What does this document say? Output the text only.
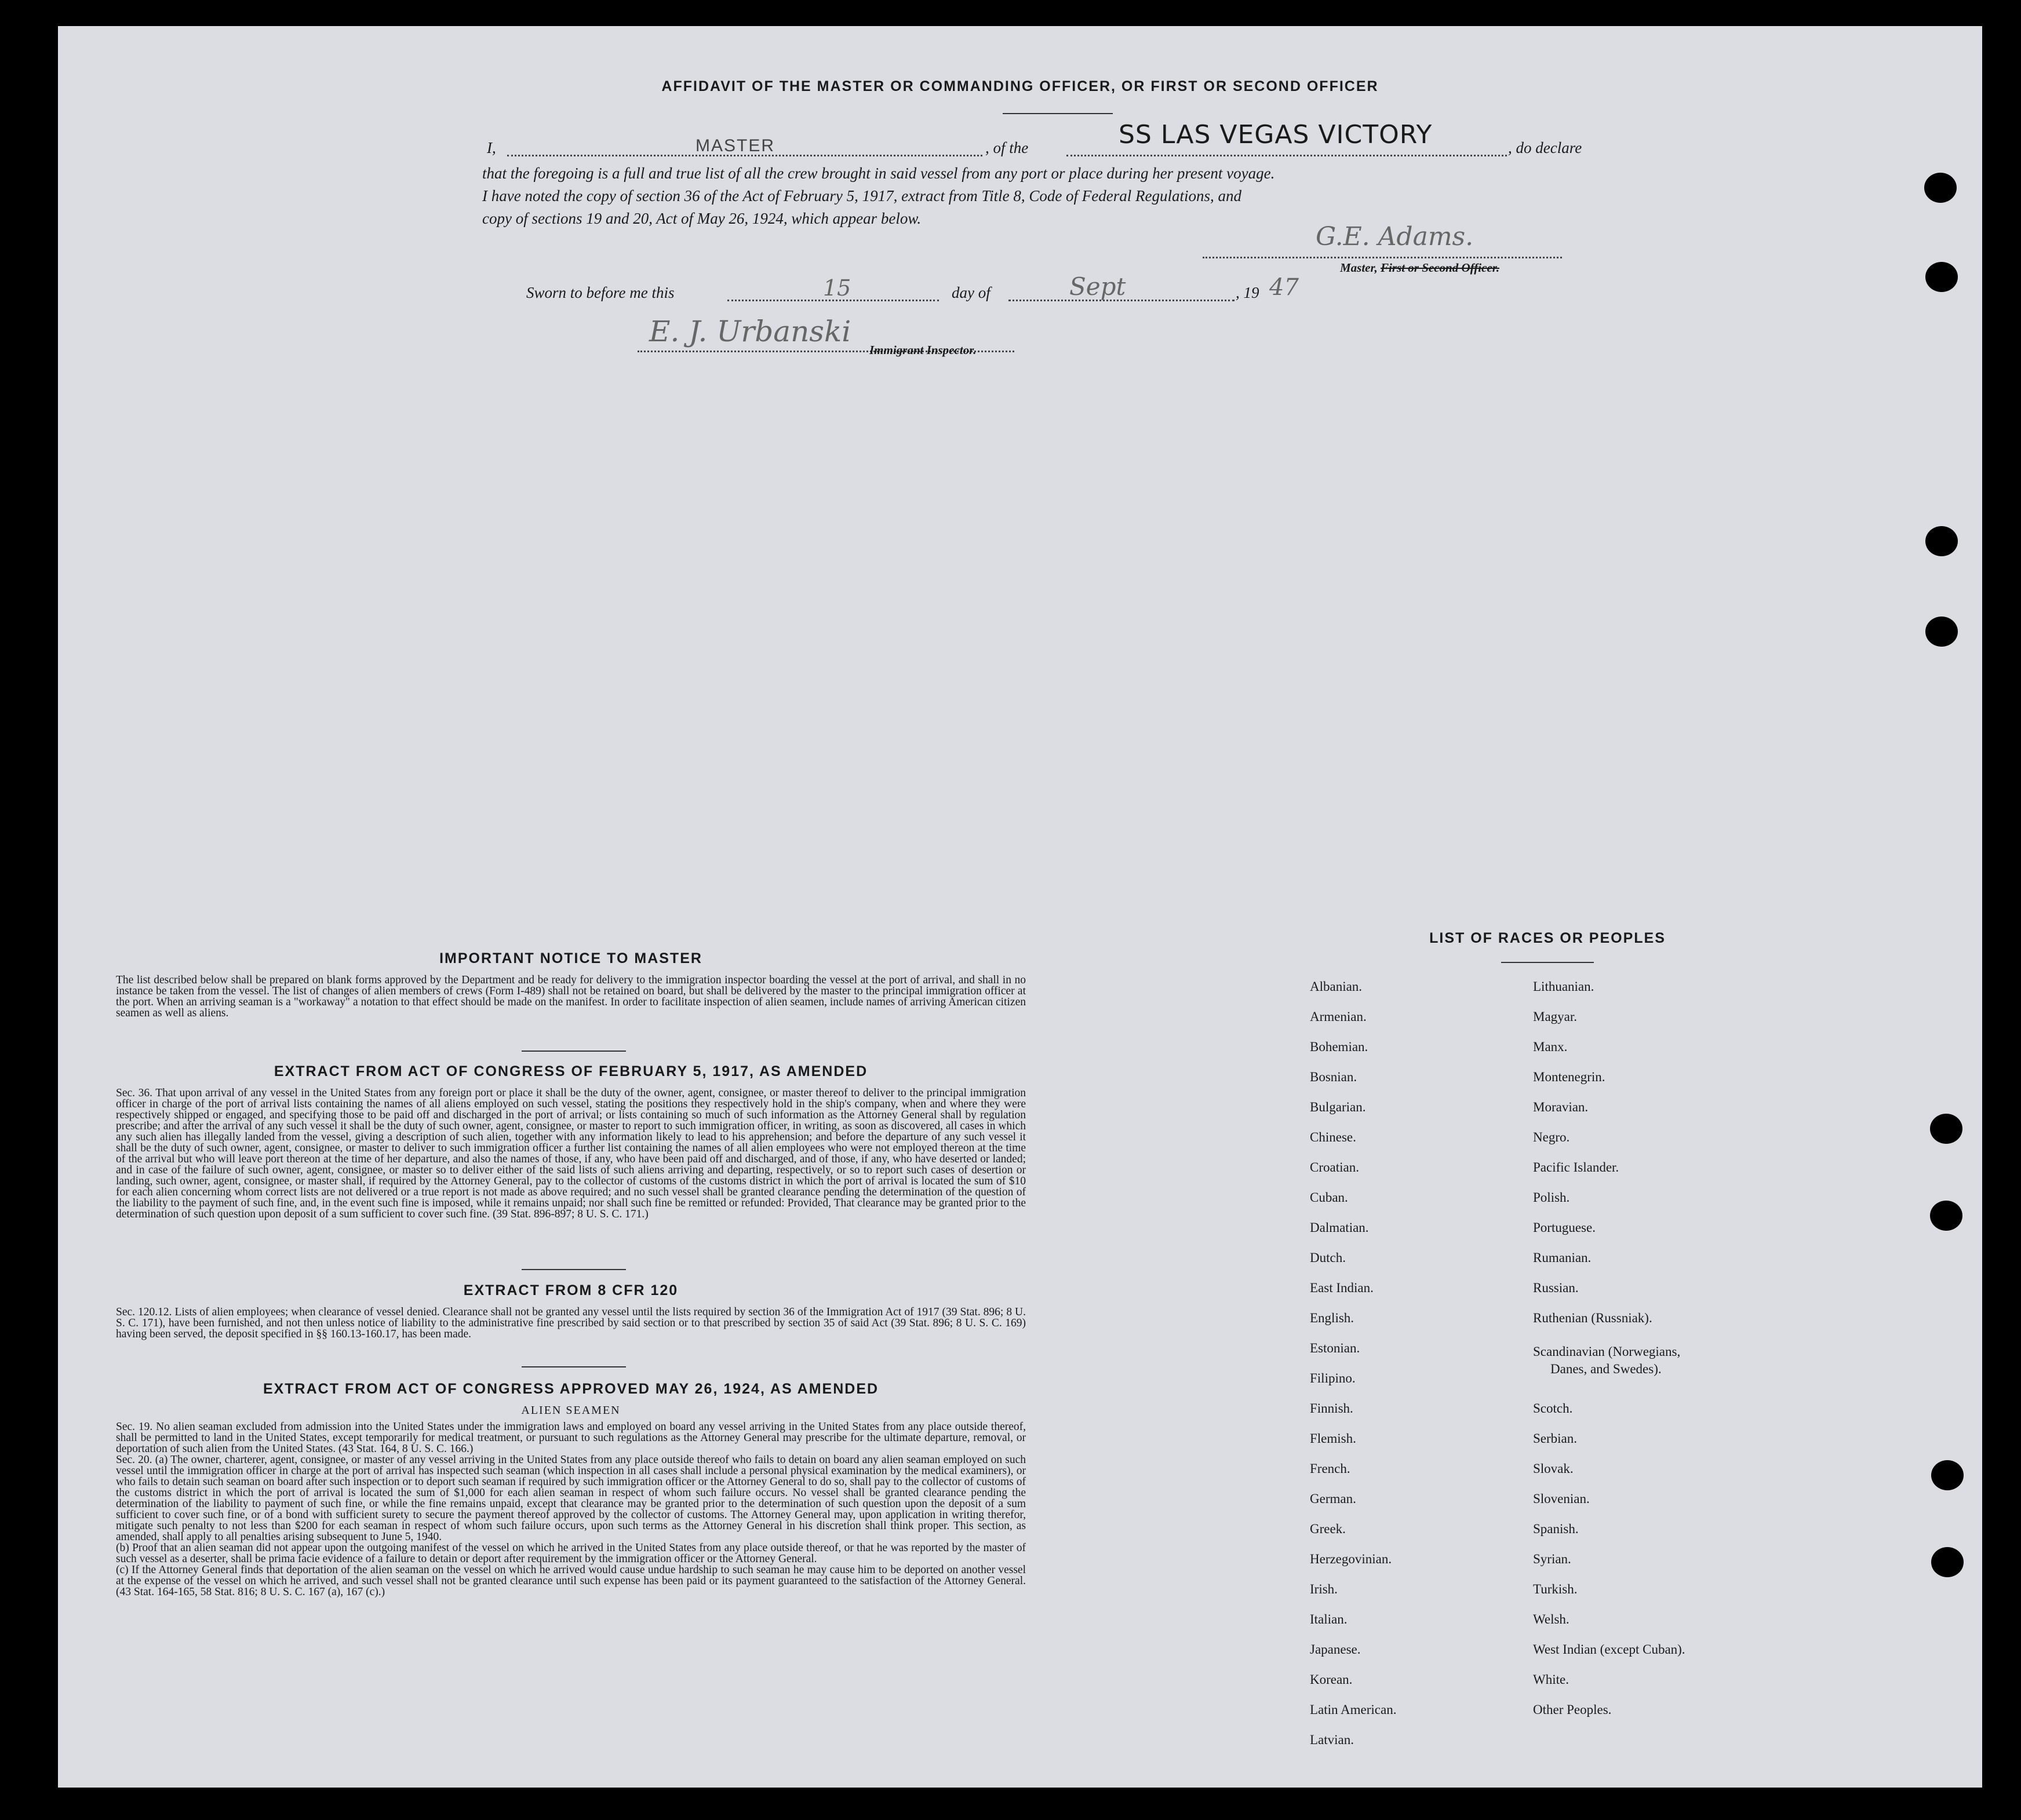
AFFIDAVIT OF THE MASTER OR COMMANDING OFFICER, OR FIRST OR SECOND OFFICER
I,	MASTER	, of the	SS LAS VEGAS VICTORY	, do declare
that the foregoing is a full and true list of all the crew brought in said vessel from any port or place during her present voyage.
I have noted the copy of section 36 of the Act of February 5, 1917, extract from Title 8, Code of Federal Regulations, and
copy of sections 19 and 20, Act of May 26, 1924, which appear below.
G.E. Adams.
Master, First or Second Officer.
Sworn to before me this	15	day of	Sept	, 19 47
E. J. Urbanski
Immigrant Inspector.
IMPORTANT NOTICE TO MASTER
The list described below shall be prepared on blank forms approved by the Department and be ready for delivery to the immigration inspector boarding the vessel at the port of arrival, and shall in no instance be taken from the vessel. The list of changes of alien members of crews (Form I-489) shall not be retained on board, but shall be delivered by the master to the principal immigration officer at the port. When an arriving seaman is a "workaway" a notation to that effect should be made on the manifest. In order to facilitate inspection of alien seamen, include names of arriving American citizen seamen as well as aliens.
EXTRACT FROM ACT OF CONGRESS OF FEBRUARY 5, 1917, AS AMENDED
Sec. 36. That upon arrival of any vessel in the United States from any foreign port or place it shall be the duty of the owner, agent, consignee, or master thereof to deliver to the principal immigration officer in charge of the port of arrival lists containing the names of all aliens employed on such vessel, stating the positions they respectively hold in the ship's company, when and where they were respectively shipped or engaged, and specifying those to be paid off and discharged in the port of arrival; or lists containing so much of such information as the Attorney General shall by regulation prescribe; and after the arrival of any such vessel it shall be the duty of such owner, agent, consignee, or master to report to such immigration officer, in writing, as soon as discovered, all cases in which any such alien has illegally landed from the vessel, giving a description of such alien, together with any information likely to lead to his apprehension; and before the departure of any such vessel it shall be the duty of such owner, agent, consignee, or master to deliver to such immigration officer a further list containing the names of all alien employees who were not employed thereon at the time of the arrival but who will leave port thereon at the time of her departure, and also the names of those, if any, who have been paid off and discharged, and of those, if any, who have deserted or landed; and in case of the failure of such owner, agent, consignee, or master so to deliver either of the said lists of such aliens arriving and departing, respectively, or so to report such cases of desertion or landing, such owner, agent, consignee, or master shall, if required by the Attorney General, pay to the collector of customs of the customs district in which the port of arrival is located the sum of $10 for each alien concerning whom correct lists are not delivered or a true report is not made as above required; and no such vessel shall be granted clearance pending the determination of the question of the liability to the payment of such fine, and, in the event such fine is imposed, while it remains unpaid; nor shall such fine be remitted or refunded: Provided, That clearance may be granted prior to the determination of such question upon deposit of a sum sufficient to cover such fine. (39 Stat. 896-897; 8 U. S. C. 171.)
EXTRACT FROM 8 CFR 120
Sec. 120.12. Lists of alien employees; when clearance of vessel denied. Clearance shall not be granted any vessel until the lists required by section 36 of the Immigration Act of 1917 (39 Stat. 896; 8 U. S. C. 171), have been furnished, and not then unless notice of liability to the administrative fine prescribed by said section or to that prescribed by section 35 of said Act (39 Stat. 896; 8 U. S. C. 169) having been served, the deposit specified in §§ 160.13-160.17, has been made.
EXTRACT FROM ACT OF CONGRESS APPROVED MAY 26, 1924, AS AMENDED
ALIEN SEAMEN

Sec. 19. No alien seaman excluded from admission into the United States under the immigration laws and employed on board any vessel arriving in the United States from any place outside thereof, shall be permitted to land in the United States, except temporarily for medical treatment, or pursuant to such regulations as the Attorney General may prescribe for the ultimate departure, removal, or deportation of such alien from the United States. (43 Stat. 164, 8 U. S. C. 166.)

Sec. 20. (a) The owner, charterer, agent, consignee, or master of any vessel arriving in the United States from any place outside thereof who fails to detain on board any alien seaman employed on such vessel until the immigration officer in charge at the port of arrival has inspected such seaman (which inspection in all cases shall include a personal physical examination by the medical examiners), or who fails to detain such seaman on board after such inspection or to deport such seaman if required by such immigration officer or the Attorney General to do so, shall pay to the collector of customs of the customs district in which the port of arrival is located the sum of $1,000 for each alien seaman in respect of whom such failure occurs. No vessel shall be granted clearance pending the determination of the liability to payment of such fine, or while the fine remains unpaid, except that clearance may be granted prior to the determination of such question upon the deposit of a sum sufficient to cover such fine, or of a bond with sufficient surety to secure the payment thereof approved by the collector of customs. The Attorney General may, upon application in writing therefor, mitigate such penalty to not less than $200 for each seaman in respect of whom such failure occurs, upon such terms as the Attorney General in his discretion shall think proper. This section, as amended, shall apply to all penalties arising subsequent to June 5, 1940.

(b) Proof that an alien seaman did not appear upon the outgoing manifest of the vessel on which he arrived in the United States from any place outside thereof, or that he was reported by the master of such vessel as a deserter, shall be prima facie evidence of a failure to detain or deport after requirement by the immigration officer or the Attorney General.

(c) If the Attorney General finds that deportation of the alien seaman on the vessel on which he arrived would cause undue hardship to such seaman he may cause him to be deported on another vessel at the expense of the vessel on which he arrived, and such vessel shall not be granted clearance until such expense has been paid or its payment guaranteed to the satisfaction of the Attorney General. (43 Stat. 164-165, 58 Stat. 816; 8 U. S. C. 167 (a), 167 (c).)

LIST OF RACES OR PEOPLES
Albanian.
Armenian.
Bohemian.
Bosnian.
Bulgarian.
Chinese.
Croatian.
Cuban.
Dalmatian.
Dutch.
East Indian.
English.
Estonian.
Filipino.
Finnish.
Flemish.
French.
German.
Greek.
Herzegovinian.
Irish.
Italian.
Japanese.
Korean.
Latin American.
Latvian.
Lithuanian.
Magyar.
Manx.
Montenegrin.
Moravian.
Negro.
Pacific Islander.
Polish.
Portuguese.
Rumanian.
Russian.
Ruthenian (Russniak).
Scandinavian (Norwegians,
Danes, and Swedes).
Scotch.
Serbian.
Slovak.
Slovenian.
Spanish.
Syrian.
Turkish.
Welsh.
West Indian (except Cuban).
White.
Other Peoples.
